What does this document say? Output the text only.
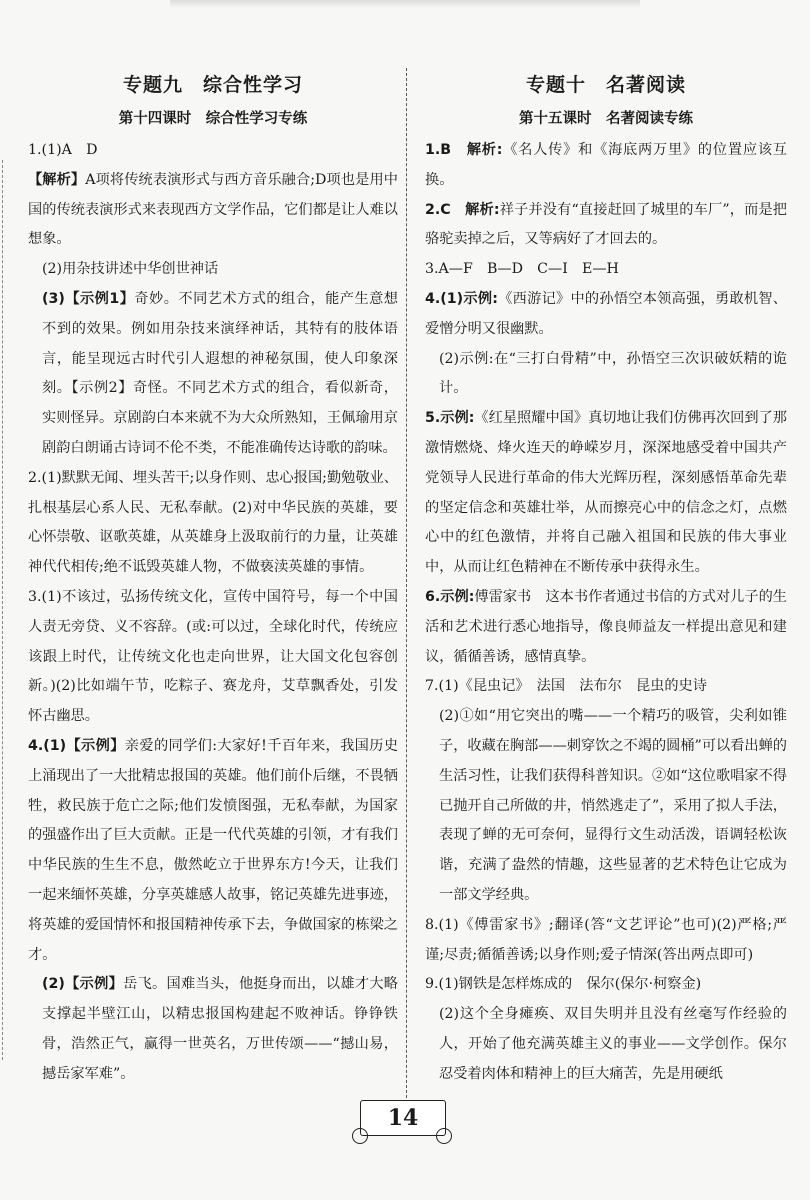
专题九　综合性学习
第十四课时　综合性学习专练

1.(1)A　D

【解析】A项将传统表演形式与西方音乐融合;D项也是用中国的传统表演形式来表现西方文学作品，它们都是让人难以想象。

(2)用杂技讲述中华创世神话

(3)【示例1】奇妙。不同艺术方式的组合，能产生意想不到的效果。例如用杂技来演绎神话，其特有的肢体语言，能呈现远古时代引人遐想的神秘氛围，使人印象深刻。【示例2】奇怪。不同艺术方式的组合，看似新奇，实则怪异。京剧韵白本来就不为大众所熟知，王佩瑜用京剧韵白朗诵古诗词不伦不类，不能准确传达诗歌的韵味。

2.(1)默默无闻、埋头苦干;以身作则、忠心报国;勤勉敬业、扎根基层心系人民、无私奉献。(2)对中华民族的英雄，要心怀崇敬、讴歌英雄，从英雄身上汲取前行的力量，让英雄神代代相传;绝不诋毁英雄人物，不做亵渎英雄的事情。

3.(1)不该过，弘扬传统文化，宣传中国符号，每一个中国人责无旁贷、义不容辞。(或:可以过，全球化时代，传统应该跟上时代，让传统文化也走向世界，让大国文化包容创新。)(2)比如端午节，吃粽子、赛龙舟，艾草飘香处，引发怀古幽思。

4.(1)【示例】亲爱的同学们:大家好!千百年来，我国历史上涌现出了一大批精忠报国的英雄。他们前仆后继，不畏牺牲，救民族于危亡之际;他们发愤图强，无私奉献，为国家的强盛作出了巨大贡献。正是一代代英雄的引领，才有我们中华民族的生生不息，傲然屹立于世界东方!今天，让我们一起来缅怀英雄，分享英雄感人故事，铭记英雄先进事迹，将英雄的爱国情怀和报国精神传承下去，争做国家的栋梁之才。

(2)【示例】岳飞。国难当头，他挺身而出，以雄才大略支撑起半壁江山，以精忠报国构建起不败神话。铮铮铁骨，浩然正气，赢得一世英名，万世传颂——“撼山易，撼岳家军难”。

专题十　名著阅读
第十五课时　名著阅读专练

1.B　解析:《名人传》和《海底两万里》的位置应该互换。

2.C　解析:祥子并没有“直接赶回了城里的车厂”，而是把骆驼卖掉之后，又等病好了才回去的。

3.A—F　B—D　C—I　E—H

4.(1)示例:《西游记》中的孙悟空本领高强，勇敢机智、爱憎分明又很幽默。

(2)示例:在“三打白骨精”中，孙悟空三次识破妖精的诡计。

5.示例:《红星照耀中国》真切地让我们仿佛再次回到了那激情燃烧、烽火连天的峥嵘岁月，深深地感受着中国共产党领导人民进行革命的伟大光辉历程，深刻感悟革命先辈的坚定信念和英雄壮举，从而擦亮心中的信念之灯，点燃心中的红色激情，并将自己融入祖国和民族的伟大事业中，从而让红色精神在不断传承中获得永生。

6.示例:傅雷家书　这本书作者通过书信的方式对儿子的生活和艺术进行悉心地指导，像良师益友一样提出意见和建议，循循善诱，感情真挚。

7.(1)《昆虫记》　法国　法布尔　昆虫的史诗

(2)①如“用它突出的嘴——一个精巧的吸管，尖利如锥子，收藏在胸部——刺穿饮之不竭的圆桶”可以看出蝉的生活习性，让我们获得科普知识。②如“这位歌唱家不得已抛开自己所做的井，悄然逃走了”，采用了拟人手法，表现了蝉的无可奈何，显得行文生动活泼，语调轻松诙谐，充满了盎然的情趣，这些显著的艺术特色让它成为一部文学经典。

8.(1)《傅雷家书》;翻译(答“文艺评论”也可)(2)严格;严谨;尽责;循循善诱;以身作则;爱子情深(答出两点即可)

9.(1)钢铁是怎样炼成的　保尔(保尔·柯察金)

(2)这个全身瘫痪、双目失明并且没有丝毫写作经验的人，开始了他充满英雄主义的事业——文学创作。保尔忍受着肉体和精神上的巨大痛苦，先是用硬纸

14
